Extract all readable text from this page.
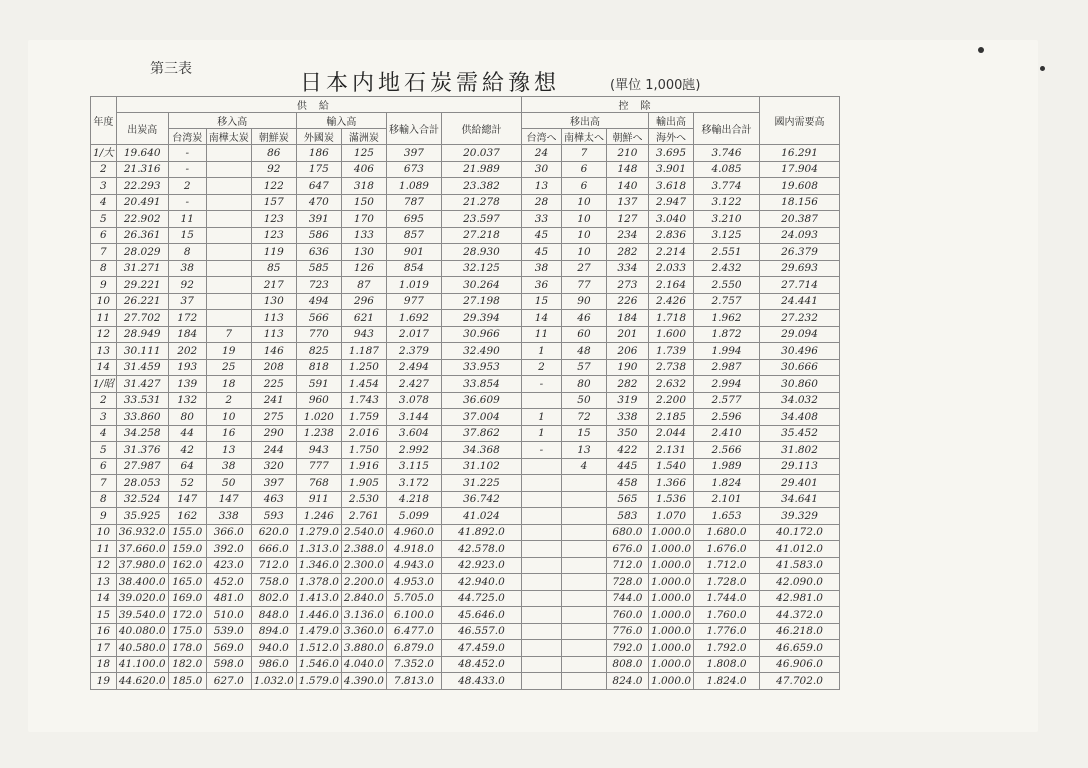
第三表
日本内地石炭需給豫想	(單位 1,000瓲)
年度	供給								控除					國内需要高
	出炭高	移入高			輸入高		移輸入合計	供給總計	移出高			輸出高	移輸出合計	
		台湾炭	南樺太炭	朝鮮炭	外國炭	滿洲炭			台湾へ	南樺太へ	朝鮮へ	海外へ		
1/大	19.640	-		86	186	125	397	20.037	24	7	210	3.695	3.746	16.291
2	21.316	-		92	175	406	673	21.989	30	6	148	3.901	4.085	17.904
3	22.293	2		122	647	318	1.089	23.382	13	6	140	3.618	3.774	19.608
4	20.491	-		157	470	150	787	21.278	28	10	137	2.947	3.122	18.156
5	22.902	11		123	391	170	695	23.597	33	10	127	3.040	3.210	20.387
6	26.361	15		123	586	133	857	27.218	45	10	234	2.836	3.125	24.093
7	28.029	8		119	636	130	901	28.930	45	10	282	2.214	2.551	26.379
8	31.271	38		85	585	126	854	32.125	38	27	334	2.033	2.432	29.693
9	29.221	92		217	723	87	1.019	30.264	36	77	273	2.164	2.550	27.714
10	26.221	37		130	494	296	977	27.198	15	90	226	2.426	2.757	24.441
11	27.702	172		113	566	621	1.692	29.394	14	46	184	1.718	1.962	27.232
12	28.949	184	7	113	770	943	2.017	30.966	11	60	201	1.600	1.872	29.094
13	30.111	202	19	146	825	1.187	2.379	32.490	1	48	206	1.739	1.994	30.496
14	31.459	193	25	208	818	1.250	2.494	33.953	2	57	190	2.738	2.987	30.666
1/昭	31.427	139	18	225	591	1.454	2.427	33.854	-	80	282	2.632	2.994	30.860
2	33.531	132	2	241	960	1.743	3.078	36.609		50	319	2.200	2.577	34.032
3	33.860	80	10	275	1.020	1.759	3.144	37.004	1	72	338	2.185	2.596	34.408
4	34.258	44	16	290	1.238	2.016	3.604	37.862	1	15	350	2.044	2.410	35.452
5	31.376	42	13	244	943	1.750	2.992	34.368	-	13	422	2.131	2.566	31.802
6	27.987	64	38	320	777	1.916	3.115	31.102		4	445	1.540	1.989	29.113
7	28.053	52	50	397	768	1.905	3.172	31.225			458	1.366	1.824	29.401
8	32.524	147	147	463	911	2.530	4.218	36.742			565	1.536	2.101	34.641
9	35.925	162	338	593	1.246	2.761	5.099	41.024			583	1.070	1.653	39.329
10	36.932.0	155.0	366.0	620.0	1.279.0	2.540.0	4.960.0	41.892.0			680.0	1.000.0	1.680.0	40.172.0
11	37.660.0	159.0	392.0	666.0	1.313.0	2.388.0	4.918.0	42.578.0			676.0	1.000.0	1.676.0	41.012.0
12	37.980.0	162.0	423.0	712.0	1.346.0	2.300.0	4.943.0	42.923.0			712.0	1.000.0	1.712.0	41.583.0
13	38.400.0	165.0	452.0	758.0	1.378.0	2.200.0	4.953.0	42.940.0			728.0	1.000.0	1.728.0	42.090.0
14	39.020.0	169.0	481.0	802.0	1.413.0	2.840.0	5.705.0	44.725.0			744.0	1.000.0	1.744.0	42.981.0
15	39.540.0	172.0	510.0	848.0	1.446.0	3.136.0	6.100.0	45.646.0			760.0	1.000.0	1.760.0	44.372.0
16	40.080.0	175.0	539.0	894.0	1.479.0	3.360.0	6.477.0	46.557.0			776.0	1.000.0	1.776.0	46.218.0
17	40.580.0	178.0	569.0	940.0	1.512.0	3.880.0	6.879.0	47.459.0			792.0	1.000.0	1.792.0	46.659.0
18	41.100.0	182.0	598.0	986.0	1.546.0	4.040.0	7.352.0	48.452.0			808.0	1.000.0	1.808.0	46.906.0
19	44.620.0	185.0	627.0	1.032.0	1.579.0	4.390.0	7.813.0	48.433.0			824.0	1.000.0	1.824.0	47.702.0
